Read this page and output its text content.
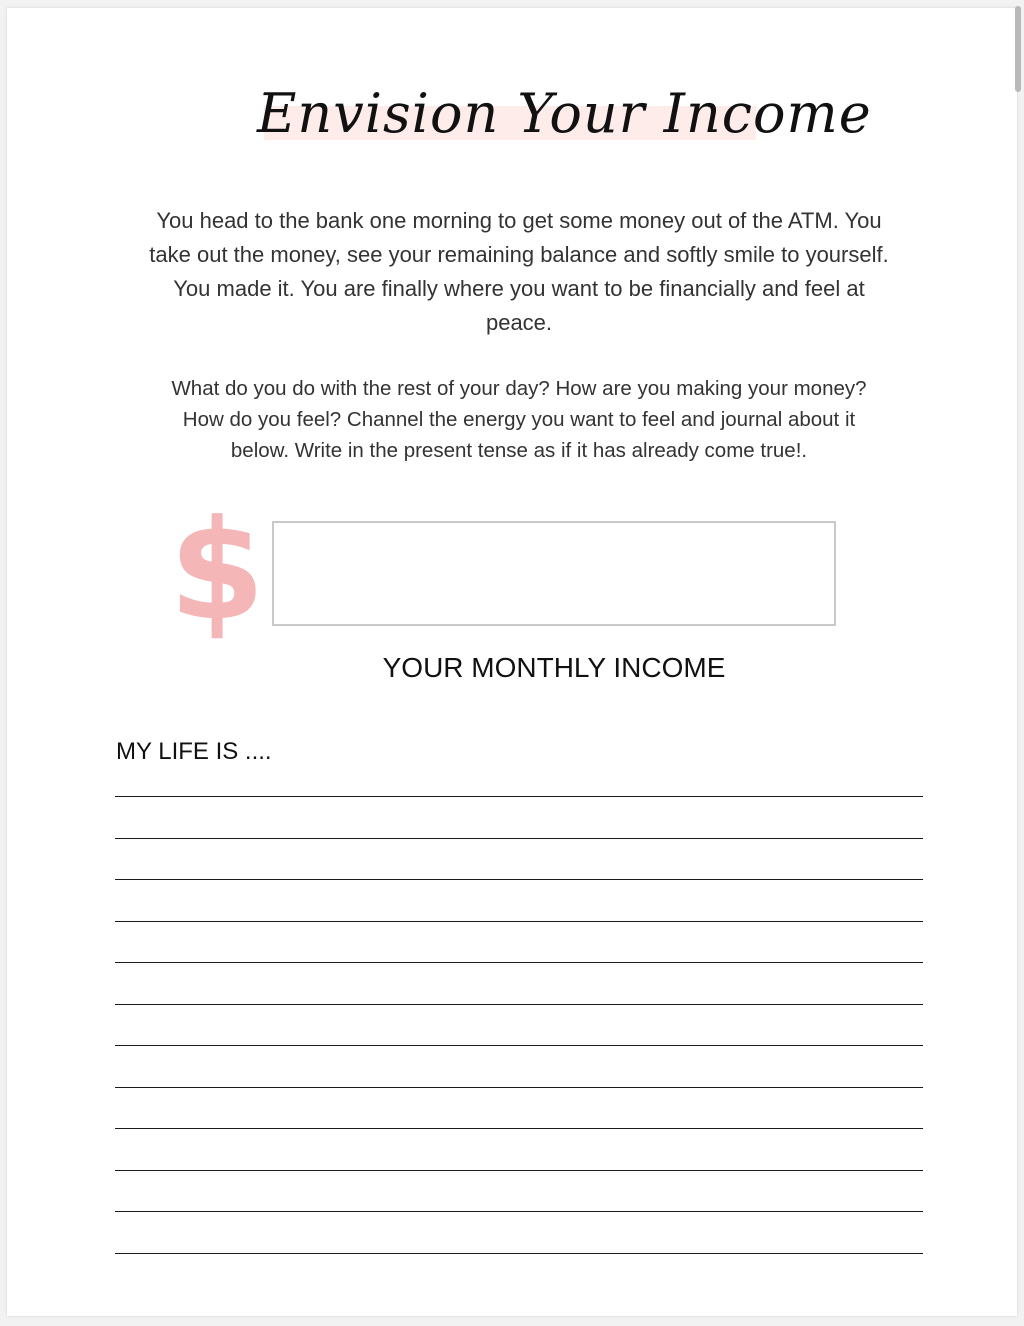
Envision Your Income

You head to the bank one morning to get some money out of the ATM. You take out the money, see your remaining balance and softly smile to yourself. You made it. You are finally where you want to be financially and feel at peace.

What do you do with the rest of your day? How are you making your money? How do you feel? Channel the energy you want to feel and journal about it below. Write in the present tense as if it has already come true!.

$
YOUR MONTHLY INCOME
MY LIFE IS ....
